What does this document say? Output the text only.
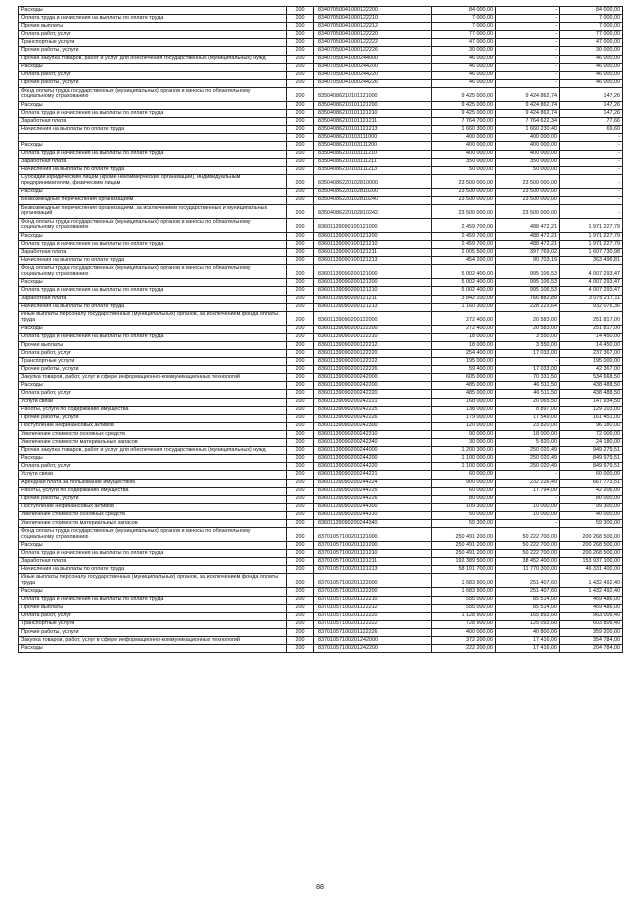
Расходы	200	83407050041000122200	84 000,00	-	84 000,00
Оплата труда и начисления на выплаты по оплате труда	200	83407050041000122210	7 000,00	-	7 000,00
Прочие выплаты	200	83407050041000122212	7 000,00	-	7 000,00
Оплата работ, услуг	200	83407050041000122220	77 000,00	-	77 000,00
Транспортные услуги	200	83407050041000122222	47 000,00	-	47 000,00
Прочие работы, услуги	200	83407050041000122226	30 000,00	-	30 000,00
Прочая закупка товаров, работ и услуг для обеспечения государственных (муниципальных) нужд	200	83407050041000244000	46 000,00	-	46 000,00
Расходы	200	83407050041000244200	46 000,00	-	46 000,00
Оплата работ, услуг	200	83407050041000244220	46 000,00	-	46 000,00
Прочие работы, услуги	200	83407050041000244226	46 000,00	-	46 000,00
Фонд оплаты труда государственных (муниципальных) органов и взносы по обязательному социальному страхованию	200	83504086210101121000	9 425 000,00	9 424 862,74	147,26
Расходы	200	83504086210101121200	9 425 000,00	9 424 862,74	147,26
Оплата труда и начисления на выплаты по оплате труда	200	83504086210101121210	9 425 000,00	9 424 862,74	147,26
Заработная плата	200	83504086210101121211	7 764 700,00	7 764 622,34	77,66
Начисления на выплаты по оплате труда	200	83504086210101121213	1 660 300,00	1 660 230,40	69,60
	200	83504086210103111000	400 000,00	400 000,00	-
Расходы	200	83504086210103111200	400 000,00	400 000,00	-
Оплата труда и начисления на выплаты по оплате труда	200	83504086210103111210	400 000,00	400 000,00	-
Заработная плата	200	83504086210103111211	350 000,00	350 000,00	-
Начисления на выплаты по оплате труда	200	83504086210103111213	50 000,00	50 000,00	-
Субсидии юридическим лицам (кроме некоммерческих организаций), индивидуальным предпринимателям, физическим лицам	200	83504086220102810000	23 500 000,00	23 500 000,00	-
Расходы	200	83504086220102810200	23 500 000,00	23 500 000,00	-
Безвозмездные перечисления организациям	200	83504086220102810240	23 500 000,00	23 500 000,00	-
Безвозмездные перечисления организациям, за исключением государственных и муниципальных организаций	200	83504086220102810242	23 500 000,00	23 500 000,00	-
Фонд оплаты труда государственных (муниципальных) органов и взносы по обязательному социальному страхованию	200	83601139090100121000	2 459 700,00	488 472,21	1 971 227,79
Расходы	200	83601139090100121200	2 459 700,00	488 472,21	1 971 227,79
Оплата труда и начисления на выплаты по оплате труда	200	83601139090100121210	2 459 700,00	488 472,21	1 971 227,79
Заработная плата	200	83601139090100121211	2 005 500,00	397 769,02	1 607 730,98
Начисления на выплаты по оплате труда	200	83601139090100121213	454 200,00	90 703,19	363 496,81
Фонд оплаты труда государственных (муниципальных) органов и взносы по обязательному социальному страхованию	200	83601139090200121000	5 002 400,00	995 106,53	4 007 293,47
Расходы	200	83601139090200121200	5 002 400,00	995 106,53	4 007 293,47
Оплата труда и начисления на выплаты по оплате труда	200	83601139090200121210	5 002 400,00	995 106,53	4 007 293,47
Заработная плата	200	83601139090200121211	3 842 100,00	766 882,89	3 075 217,11
Начисления на выплаты по оплате труда	200	83601139090200121213	1 160 300,00	228 223,64	932 076,36
Иные выплаты персоналу государственных (муниципальных) органов, за исключением фонда оплаты труда	200	83601139090200122000	272 400,00	20 583,00	251 817,00
Расходы	200	83601139090200122200	272 400,00	20 583,00	251 817,00
Оплата труда и начисления на выплаты по оплате труда	200	83601139090200122210	18 000,00	3 550,00	14 450,00
Прочие выплаты	200	83601139090200122212	18 000,00	3 550,00	14 450,00
Оплата работ, услуг	200	83601139090200122220	254 400,00	17 033,00	237 367,00
Транспортные услуги	200	83601139090200122222	195 000,00	-	195 000,00
Прочие работы, услуги	200	83601139090200122226	59 400,00	17 033,00	42 367,00
Закупка товаров, работ, услуг в сфере информационно-коммуникационных технологий	200	83601139090200242000	605 000,00	70 331,50	534 668,50
Расходы	200	83601139090200242200	485 000,00	46 511,50	438 488,50
Оплата работ, услуг	200	83601139090200242220	485 000,00	46 511,50	438 488,50
Услуги связи	200	83601139090200242221	168 000,00	20 065,50	147 934,50
Работы, услуги по содержанию имущества	200	83601139090200242225	138 000,00	8 897,00	129 103,00
Прочие работы, услуги	200	83601139090200242226	179 000,00	17 549,00	161 451,00
Поступление нефинансовых активов	200	83601139090200242300	120 000,00	23 820,00	96 180,00
Увеличение стоимости основных средств	200	83601139090200242310	90 000,00	18 000,00	72 000,00
Увеличение стоимости материальных запасов	200	83601139090200242340	30 000,00	5 820,00	24 180,00
Прочая закупка товаров, работ и услуг для обеспечения государственных (муниципальных) нужд	200	83601139090200244000	1 200 300,00	250 020,49	949 279,51
Расходы	200	83601139090200244200	1 100 000,00	250 020,49	849 979,51
Оплата работ, услуг	200	83601139090200244220	1 100 000,00	250 020,49	849 979,51
Услуги связи	200	83601139090200244221	60 000,00	-	60 000,00
Арендная плата за пользование имуществом	200	83601139090200244224	900 000,00	232 226,49	667 773,51
Работы, услуги по содержанию имущества	200	83601139090200244225	60 000,00	17 794,00	42 206,00
Прочие работы, услуги	200	83601139090200244226	80 000,00	-	80 000,00
Поступление нефинансовых активов	200	83601139090200244300	109 300,00	10 000,00	99 300,00
Увеличение стоимости основных средств	200	83601139090200244310	50 000,00	10 000,00	40 000,00
Увеличение стоимости материальных запасов	200	83601139090200244340	59 300,00	-	59 300,00
Фонд оплаты труда государственных (муниципальных) органов и взносы по обязательному социальному страхованию	200	83701057100201121000	250 491 200,00	50 222 700,00	200 268 500,00
Расходы	200	83701057100201121200	250 491 200,00	50 222 700,00	200 268 500,00
Оплата труда и начисления на выплаты по оплате труда	200	83701057100201121210	250 491 200,00	50 222 700,00	200 268 500,00
Заработная плата	200	83701057100201121211	192 389 500,00	38 452 400,00	153 937 100,00
Начисления на выплаты по оплате труда	200	83701057100201121213	58 101 700,00	11 770 300,00	46 331 400,00
Иные выплаты персоналу государственных (муниципальных) органов, за исключением фонда оплаты труда	200	83701057100201122000	1 683 900,00	251 407,60	1 432 492,40
Расходы	200	83701057100201122200	1 683 900,00	251 407,60	1 432 492,40
Оплата труда и начисления на выплаты по оплате труда	200	83701057100201122210	555 000,00	85 514,00	469 486,00
Прочие выплаты	200	83701057100201122212	555 000,00	85 514,00	469 486,00
Оплата работ, услуг	200	83701057100201122220	1 128 900,00	165 893,60	963 006,40
Транспортные услуги	200	83701057100201122222	728 900,00	125 093,60	603 806,40
Прочие работы, услуги	200	83701057100201122226	400 000,00	40 800,00	359 200,00
Закупка товаров, работ, услуг в сфере информационно-коммуникационных технологий	200	83701057100201242000	372 200,00	17 416,00	354 784,00
Расходы	200	83701057100201242200	222 200,00	17 416,00	204 784,00
88
